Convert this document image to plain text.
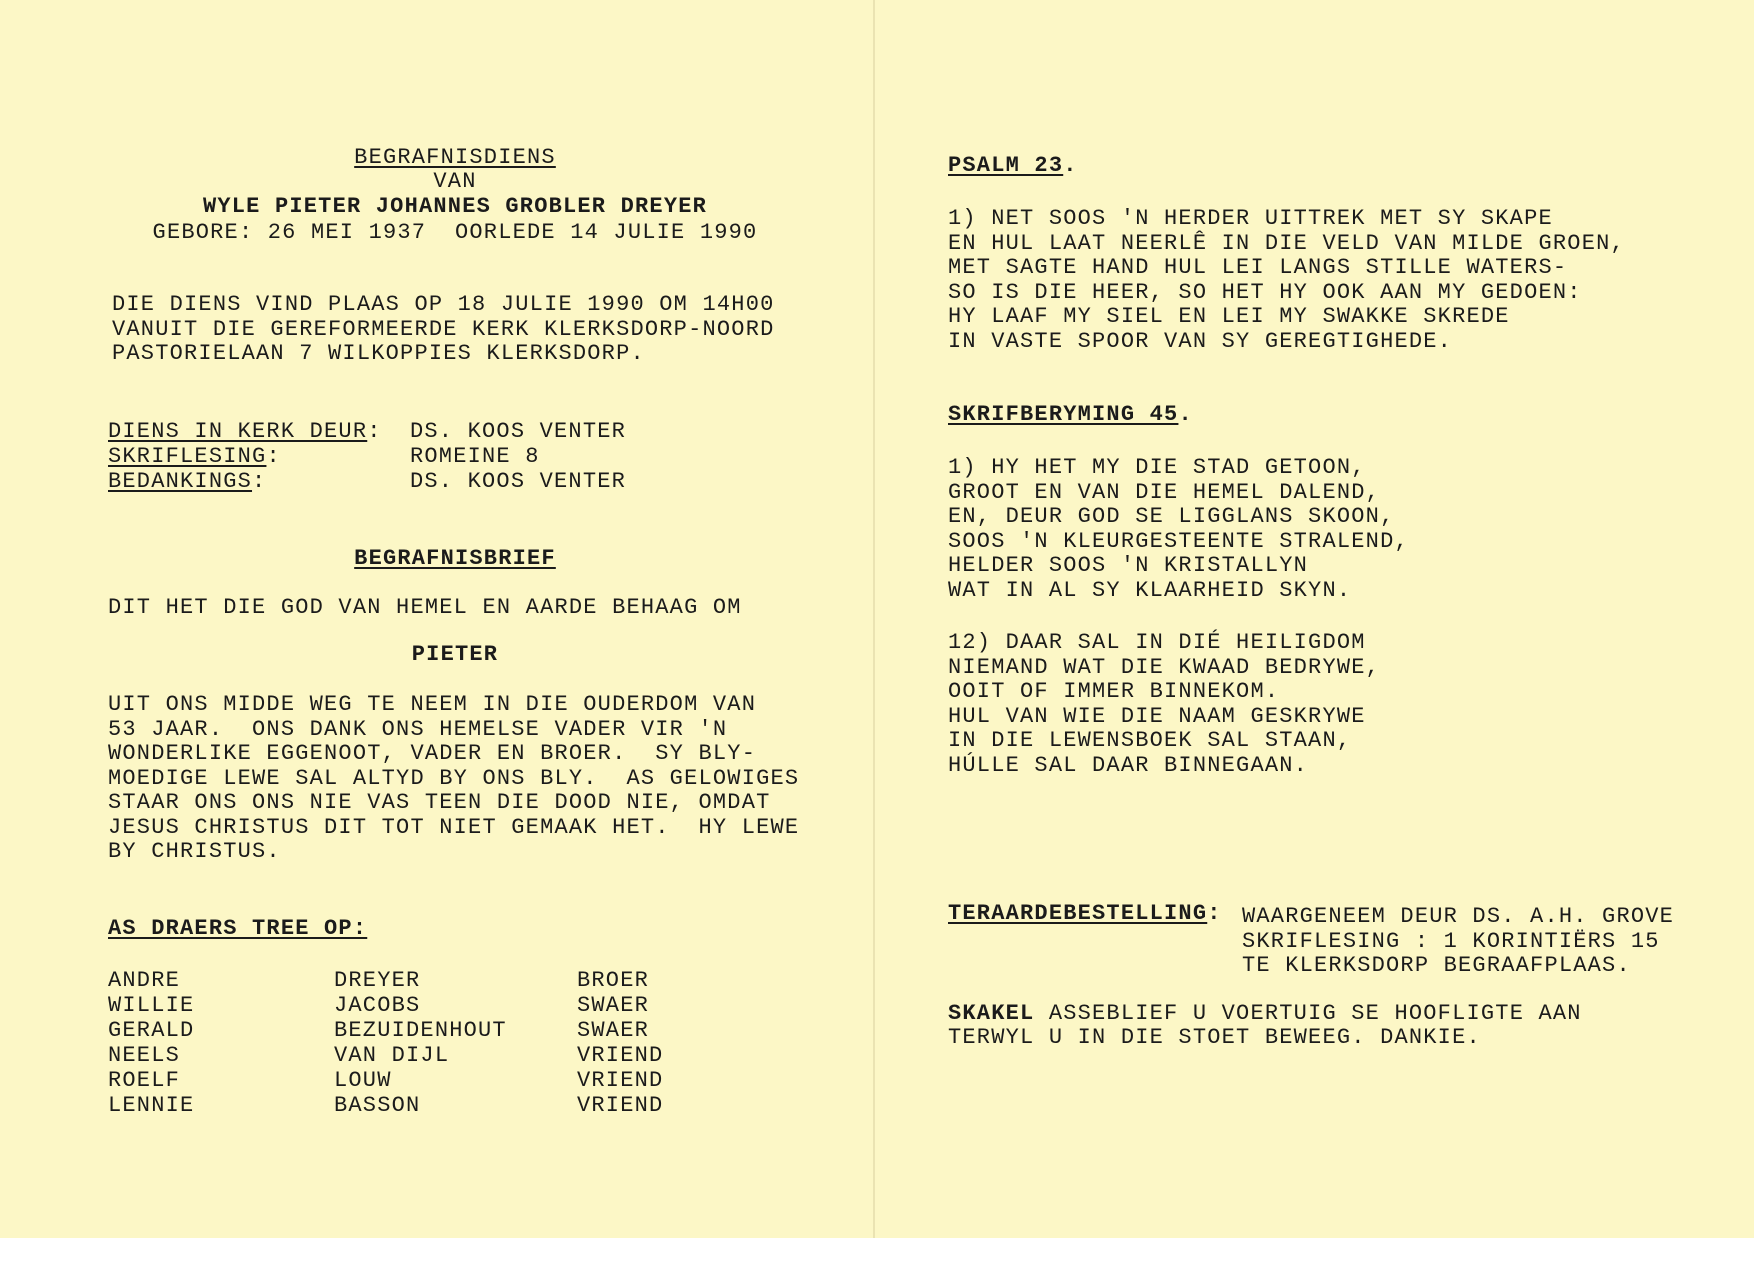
BEGRAFNISDIENS
VAN
WYLE PIETER JOHANNES GROBLER DREYER
GEBORE: 26 MEI 1937  OORLEDE 14 JULIE 1990
DIE DIENS VIND PLAAS OP 18 JULIE 1990 OM 14H00
VANUIT DIE GEREFORMEERDE KERK KLERKSDORP-NOORD
PASTORIELAAN 7 WILKOPPIES KLERKSDORP.
DIENS IN KERK DEUR: DS. KOOS VENTER
SKRIFLESING:	ROMEINE 8
BEDANKINGS:	DS. KOOS VENTER
BEGRAFNISBRIEF
DIT HET DIE GOD VAN HEMEL EN AARDE BEHAAG OM
PIETER
UIT ONS MIDDE WEG TE NEEM IN DIE OUDERDOM VAN
53 JAAR.  ONS DANK ONS HEMELSE VADER VIR 'N
WONDERLIKE EGGENOOT, VADER EN BROER.  SY BLY-
MOEDIGE LEWE SAL ALTYD BY ONS BLY.  AS GELOWIGES
STAAR ONS ONS NIE VAS TEEN DIE DOOD NIE, OMDAT
JESUS CHRISTUS DIT TOT NIET GEMAAK HET.  HY LEWE
BY CHRISTUS.
AS DRAERS TREE OP:
ANDRE
WILLIE
GERALD
NEELS
ROELF
LENNIE
DREYER
JACOBS
BEZUIDENHOUT
VAN DIJL
LOUW
BASSON
BROER
SWAER
SWAER
VRIEND
VRIEND
VRIEND
PSALM 23.
1) NET SOOS 'N HERDER UITTREK MET SY SKAPE
EN HUL LAAT NEERLÊ IN DIE VELD VAN MILDE GROEN,
MET SAGTE HAND HUL LEI LANGS STILLE WATERS-
SO IS DIE HEER, SO HET HY OOK AAN MY GEDOEN:
HY LAAF MY SIEL EN LEI MY SWAKKE SKREDE
IN VASTE SPOOR VAN SY GEREGTIGHEDE.
SKRIFBERYMING 45.
1) HY HET MY DIE STAD GETOON,
GROOT EN VAN DIE HEMEL DALEND,
EN, DEUR GOD SE LIGGLANS SKOON,
SOOS 'N KLEURGESTEENTE STRALEND,
HELDER SOOS 'N KRISTALLYN
WAT IN AL SY KLAARHEID SKYN.
12) DAAR SAL IN DIÉ HEILIGDOM
NIEMAND WAT DIE KWAAD BEDRYWE,
OOIT OF IMMER BINNEKOM.
HUL VAN WIE DIE NAAM GESKRYWE
IN DIE LEWENSBOEK SAL STAAN,
HÚLLE SAL DAAR BINNEGAAN.
TERAARDEBESTELLING: WAARGENEEM DEUR DS. A.H. GROVE
SKRIFLESING : 1 KORINTIËRS 15
TE KLERKSDORP BEGRAAFPLAAS.
SKAKEL ASSEBLIEF U VOERTUIG SE HOOFLIGTE AAN
TERWYL U IN DIE STOET BEWEEG. DANKIE.
